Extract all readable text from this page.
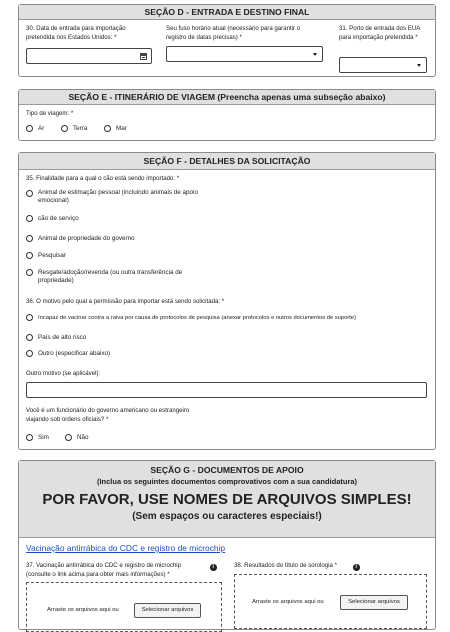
SEÇÃO D - ENTRADA E DESTINO FINAL
30. Data de entrada para importação pretendida nos Estados Unidos: *
Seu fuso horário atual (necessário para garantir o registro de datas precisas) *
31. Porto de entrada dos EUA para importação pretendida *
SEÇÃO E - ITINERÁRIO DE VIAGEM (Preencha apenas uma subseção abaixo)
Tipo de viagem: *
Ar	Terra	Mar
SEÇÃO F - DETALHES DA SOLICITAÇÃO
35. Finalidade para a qual o cão está sendo importado: *
Animal de estimação pessoal (incluindo animais de apoio emocional)
cão de serviço
Animal de propriedade do governo
Pesquisar
Resgate/adoção/revenda (ou outra transferência de propriedade)
36. O motivo pelo qual a permissão para importar está sendo solicitada: *
Incapaz de vacinar contra a raiva por causa de protocolos de pesquisa (anexar protocolos e outros documentos de suporte)
País de alto risco
Outro (especificar abaixo)
Outro motivo (se aplicável):
Você é um funcionário do governo americano ou estrangeiro viajando sob ordens oficiais? *
Sim	Não
SEÇÃO G - DOCUMENTOS DE APOIO
(Inclua os seguintes documentos comprovativos com a sua candidatura)
POR FAVOR, USE NOMES DE ARQUIVOS SIMPLES!
(Sem espaços ou caracteres especiais!)
Vacinação antirrábica do CDC e registro de microchip
37. Vacinação antirrábica do CDC e registro de microchip (consulte o link acima para obter mais informações) *
i
Arraste os arquivos aqui ou	Selecionar arquivos
38. Resultados do título de sorologia *	i
Arraste os arquivos aqui ou	Selecionar arquivos
